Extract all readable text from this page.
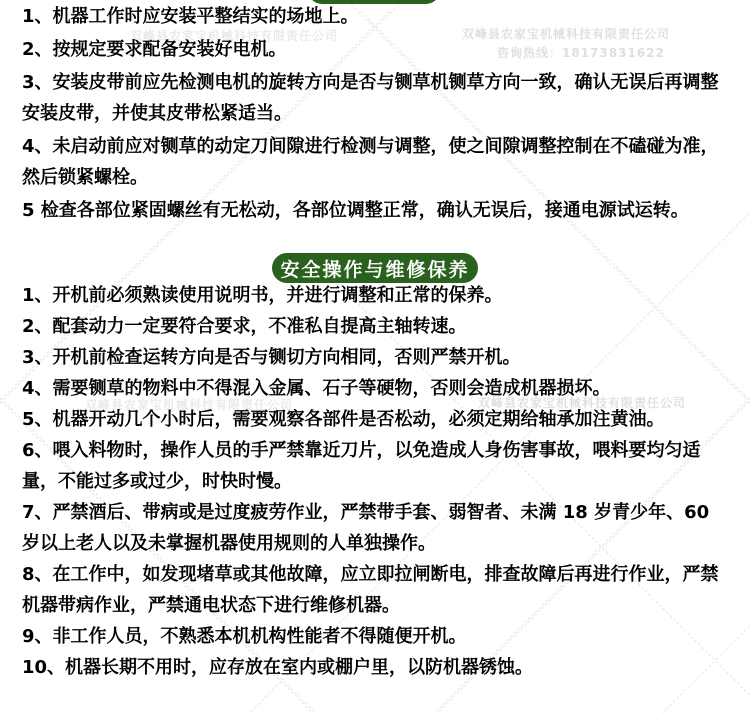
双峰县农家宝机械科技有限责任公司	双峰县农家宝机械科技有限责任公司
咨询热线：18173831622
双峰县农家宝机械科技有限责任公司	双峰县农家宝机械科技有限责任公司

1、机器工作时应安装平整结实的场地上。

2、按规定要求配备安装好电机。

3、安装皮带前应先检测电机的旋转方向是否与铡草机铡草方向一致，确认无误后再调整安装皮带，并使其皮带松紧适当。

4、未启动前应对铡草的动定刀间隙进行检测与调整，使之间隙调整控制在不磕碰为准，然后锁紧螺栓。

5 检查各部位紧固螺丝有无松动，各部位调整正常，确认无误后，接通电源试运转。

安全操作与维修保养

1、开机前必须熟读使用说明书，并进行调整和正常的保养。

2、配套动力一定要符合要求，不准私自提高主轴转速。

3、开机前检查运转方向是否与铡切方向相同，否则严禁开机。

4、需要铡草的物料中不得混入金属、石子等硬物，否则会造成机器损坏。

5、机器开动几个小时后，需要观察各部件是否松动，必须定期给轴承加注黄油。

6、喂入料物时，操作人员的手严禁靠近刀片，以免造成人身伤害事故，喂料要均匀适量，不能过多或过少，时快时慢。

7、严禁酒后、带病或是过度疲劳作业，严禁带手套、弱智者、未满 18 岁青少年、60 岁以上老人以及未掌握机器使用规则的人单独操作。

8、在工作中，如发现堵草或其他故障，应立即拉闸断电，排查故障后再进行作业，严禁机器带病作业，严禁通电状态下进行维修机器。

9、非工作人员，不熟悉本机机构性能者不得随便开机。

10、机器长期不用时，应存放在室内或棚户里，以防机器锈蚀。
